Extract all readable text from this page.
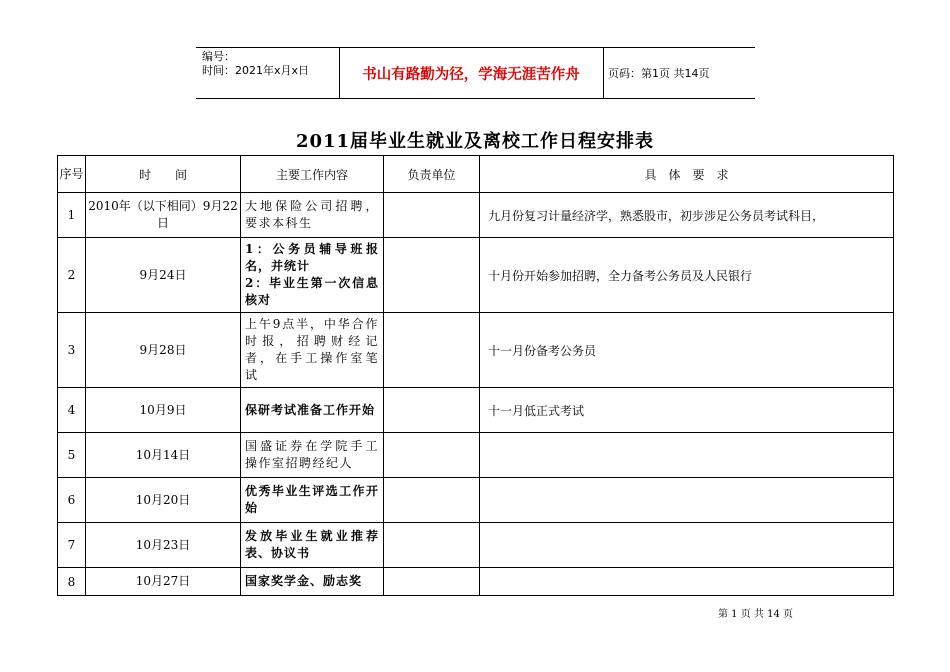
编号：
时间：2021年x月x日	书山有路勤为径，学海无涯苦作舟	页码：第1页 共14页
2011届毕业生就业及离校工作日程安排表
序号	时　　间	主要工作内容	负责单位	具　体　要　求
1	2010年（以下相同）9月22日	大地保险公司招聘，要求本科生		九月份复习计量经济学，熟悉股市，初步涉足公务员考试科目，
2	9月24日	1：公务员辅导班报名，并统计
2：毕业生第一次信息核对		十月份开始参加招聘，全力备考公务员及人民银行
3	9月28日	上午9点半，中华合作时报，招聘财经记者，在手工操作室笔试		十一月份备考公务员
4	10月9日	保研考试准备工作开始		十一月低正式考试
5	10月14日	国盛证券在学院手工操作室招聘经纪人		
6	10月20日	优秀毕业生评选工作开始		
7	10月23日	发放毕业生就业推荐表、协议书		
8	10月27日	国家奖学金、励志奖		
第 1 页 共 14 页
